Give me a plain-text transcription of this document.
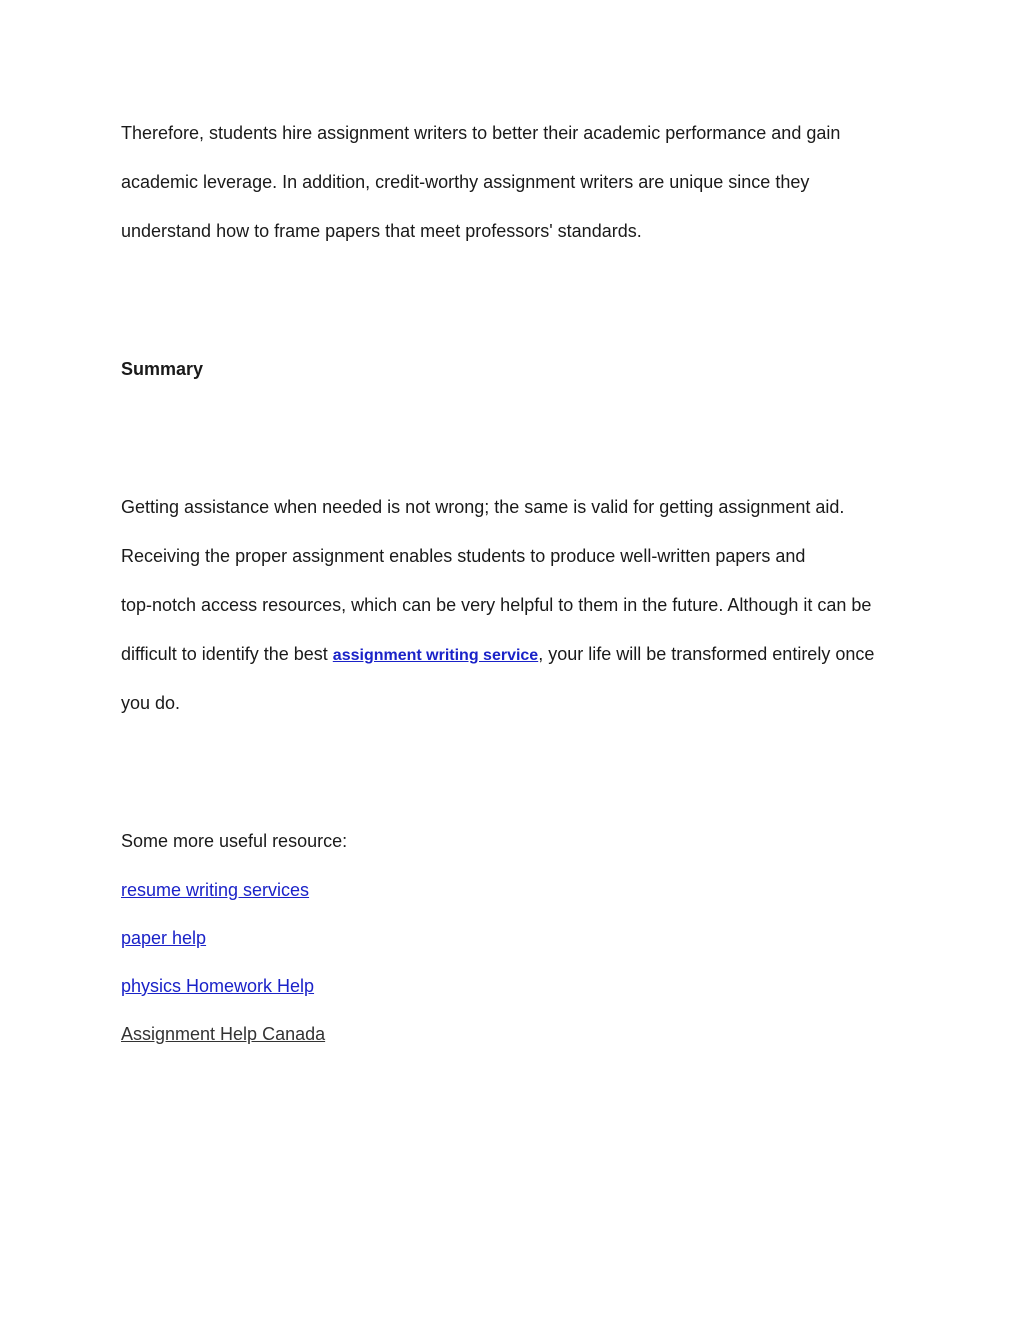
Therefore, students hire assignment writers to better their academic performance and gain
academic leverage. In addition, credit-worthy assignment writers are unique since they
understand how to frame papers that meet professors' standards.
Summary
Getting assistance when needed is not wrong; the same is valid for getting assignment aid.
Receiving the proper assignment enables students to produce well-written papers and
top-notch access resources, which can be very helpful to them in the future. Although it can be
difficult to identify the best assignment writing service, your life will be transformed entirely once
you do.
Some more useful resource:
resume writing services
paper help
physics Homework Help
Assignment Help Canada
